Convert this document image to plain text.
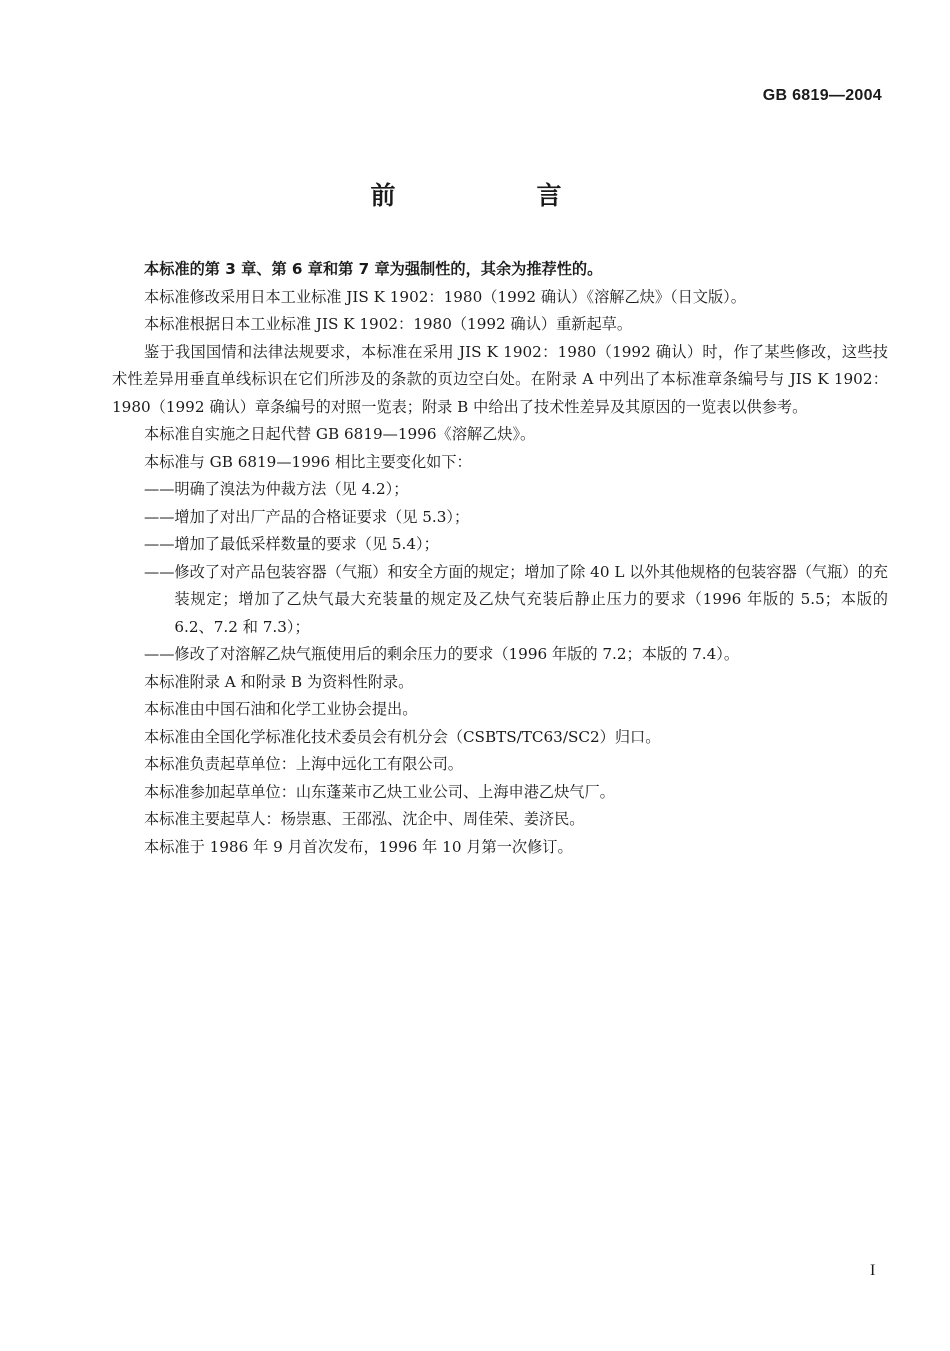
GB 6819—2004
前　言

本标准的第 3 章、第 6 章和第 7 章为强制性的，其余为推荐性的。

本标准修改采用日本工业标准 JIS K 1902：1980（1992 确认）《溶解乙炔》（日文版）。

本标准根据日本工业标准 JIS K 1902：1980（1992 确认）重新起草。

鉴于我国国情和法律法规要求，本标准在采用 JIS K 1902：1980（1992 确认）时，作了某些修改，这些技术性差异用垂直单线标识在它们所涉及的条款的页边空白处。在附录 A 中列出了本标准章条编号与 JIS K 1902：1980（1992 确认）章条编号的对照一览表；附录 B 中给出了技术性差异及其原因的一览表以供参考。

本标准自实施之日起代替 GB 6819—1996《溶解乙炔》。

本标准与 GB 6819—1996 相比主要变化如下：

—— 明确了溴法为仲裁方法（见 4.2）；
—— 增加了对出厂产品的合格证要求（见 5.3）；
—— 增加了最低采样数量的要求（见 5.4）；
—— 修改了对产品包装容器（气瓶）和安全方面的规定；增加了除 40 L 以外其他规格的包装容器（气瓶）的充装规定；增加了乙炔气最大充装量的规定及乙炔气充装后静止压力的要求（1996 年版的 5.5；本版的 6.2、7.2 和 7.3）；
—— 修改了对溶解乙炔气瓶使用后的剩余压力的要求（1996 年版的 7.2；本版的 7.4）。

本标准附录 A 和附录 B 为资料性附录。

本标准由中国石油和化学工业协会提出。

本标准由全国化学标准化技术委员会有机分会（CSBTS/TC63/SC2）归口。

本标准负责起草单位：上海中远化工有限公司。

本标准参加起草单位：山东蓬莱市乙炔工业公司、上海申港乙炔气厂。

本标准主要起草人：杨崇惠、王邵泓、沈企中、周佳荣、姜济民。

本标准于 1986 年 9 月首次发布，1996 年 10 月第一次修订。

I
